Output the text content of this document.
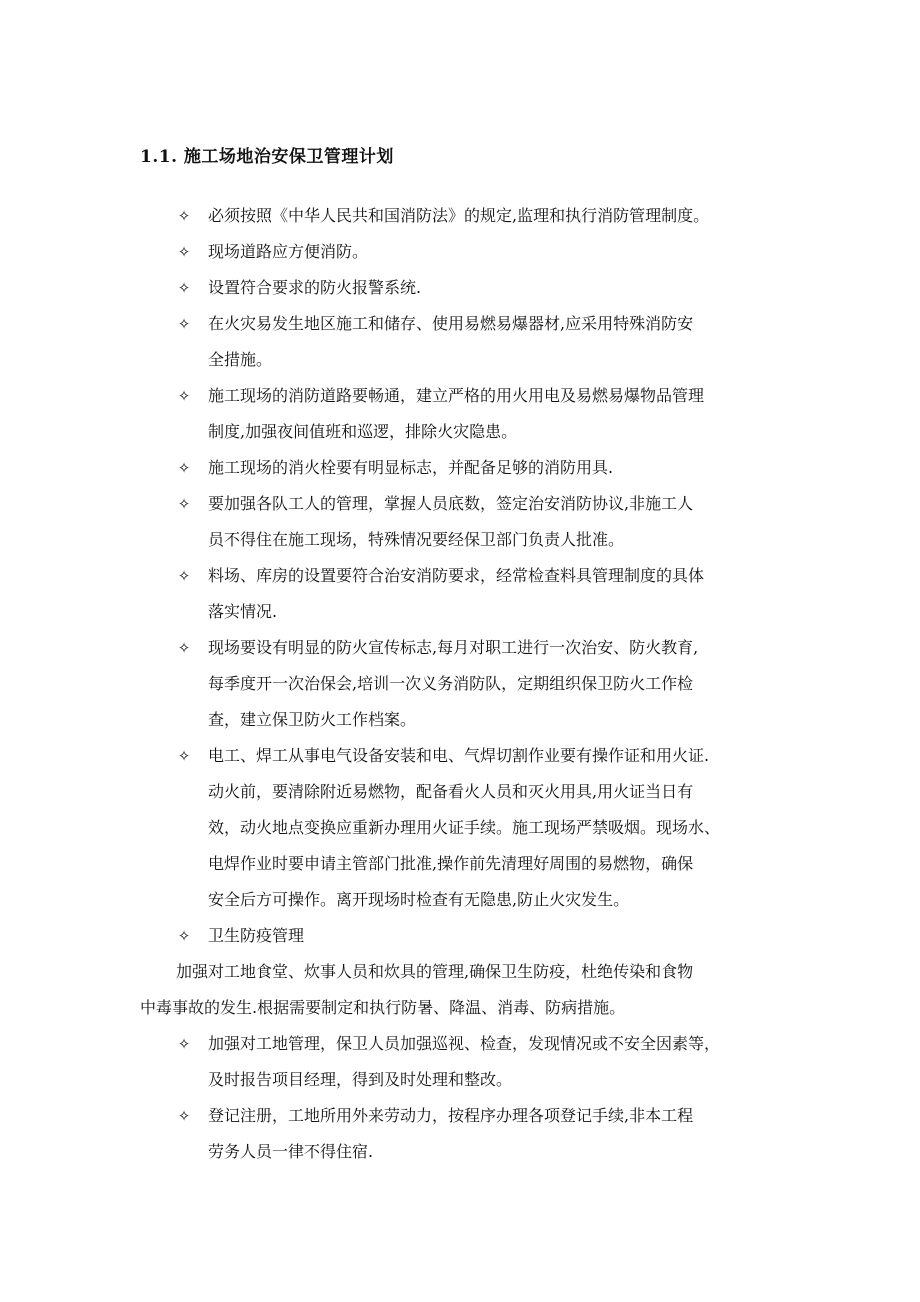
1.1. 施工场地治安保卫管理计划
✧ 必须按照《中华人民共和国消防法》的规定,监理和执行消防管理制度。
✧ 现场道路应方便消防。
✧ 设置符合要求的防火报警系统.
✧ 在火灾易发生地区施工和储存、使用易燃易爆器材,应采用特殊消防安
全措施。
✧ 施工现场的消防道路要畅通，建立严格的用火用电及易燃易爆物品管理
制度,加强夜间值班和巡逻，排除火灾隐患。
✧ 施工现场的消火栓要有明显标志，并配备足够的消防用具.
✧ 要加强各队工人的管理，掌握人员底数，签定治安消防协议,非施工人
员不得住在施工现场，特殊情况要经保卫部门负责人批准。
✧ 料场、库房的设置要符合治安消防要求，经常检查料具管理制度的具体
落实情况.
✧ 现场要设有明显的防火宣传标志,每月对职工进行一次治安、防火教育,
每季度开一次治保会,培训一次义务消防队，定期组织保卫防火工作检
查，建立保卫防火工作档案。
✧ 电工、焊工从事电气设备安装和电、气焊切割作业要有操作证和用火证.
动火前，要清除附近易燃物，配备看火人员和灭火用具,用火证当日有
效，动火地点变换应重新办理用火证手续。施工现场严禁吸烟。现场水、
电焊作业时要申请主管部门批准,操作前先清理好周围的易燃物，确保
安全后方可操作。离开现场时检查有无隐患,防止火灾发生。
✧ 卫生防疫管理
加强对工地食堂、炊事人员和炊具的管理,确保卫生防疫，杜绝传染和食物
中毒事故的发生.根据需要制定和执行防暑、降温、消毒、防病措施。
✧ 加强对工地管理，保卫人员加强巡视、检查，发现情况或不安全因素等，
及时报告项目经理，得到及时处理和整改。
✧ 登记注册，工地所用外来劳动力，按程序办理各项登记手续,非本工程
劳务人员一律不得住宿.
